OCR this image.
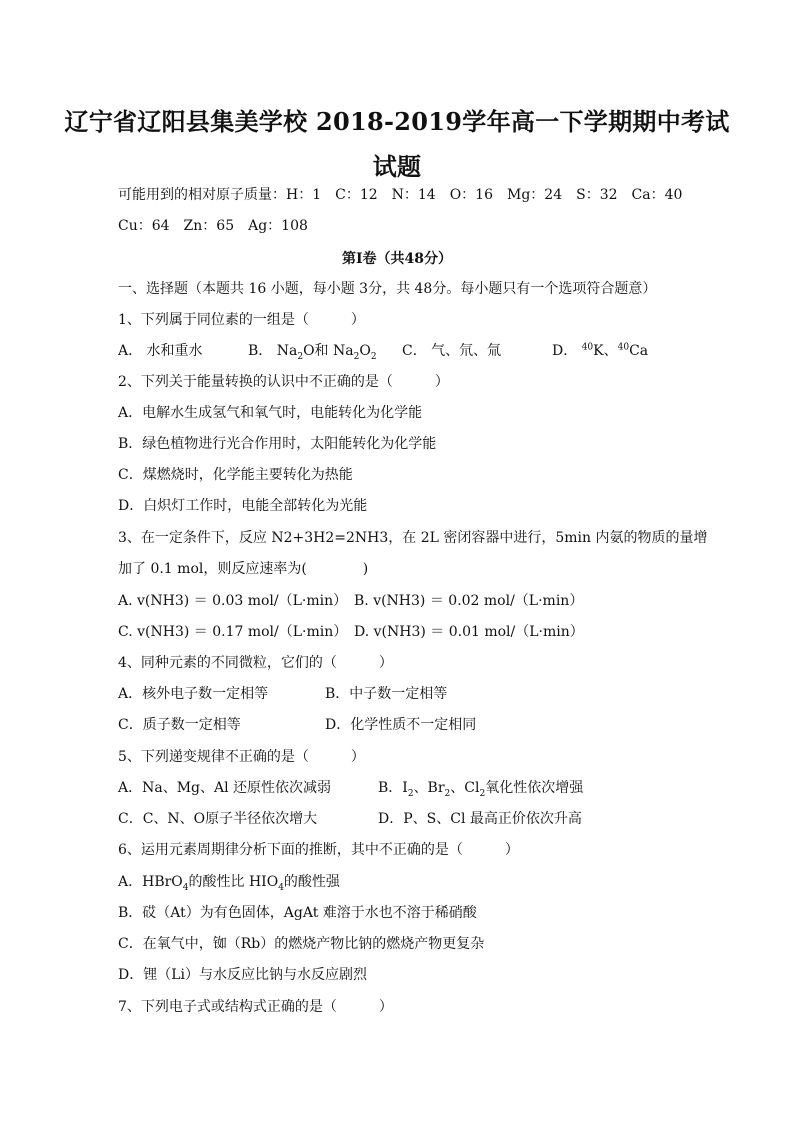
辽宁省辽阳县集美学校 2018-2019学年高一下学期期中考试
试题
可能用到的相对原子质量：H：1　C：12　N：14　O：16　Mg：24　S：32　Ca：40
Cu：64　Zn：65　Ag：108
第Ⅰ卷（共48分）
一、选择题（本题共 16 小题，每小题 3分，共 48分。每小题只有一个选项符合题意）
1、下列属于同位素的一组是（　　　）
A． 水和重水	B． $Na_2O$和 $Na_2O_2$ C． 气、氘、氚	D． $^{40}$K、$^{40}$Ca
2、下列关于能量转换的认识中不正确的是（　　　）
A．电解水生成氢气和氧气时，电能转化为化学能
B．绿色植物进行光合作用时，太阳能转化为化学能
C．煤燃烧时，化学能主要转化为热能
D．白炽灯工作时，电能全部转化为光能
3、在一定条件下，反应 N2+3H2=2NH3，在 2L 密闭容器中进行，5min 内氨的物质的量增
加了 0.1 mol，则反应速率为(　　　　)
A. v(NH3) ＝ 0.03 mol/（L·min） B. v(NH3) ＝ 0.02 mol/（L·min）
C. v(NH3) ＝ 0.17 mol/（L·min） D. v(NH3) ＝ 0.01 mol/（L·min）
4、同种元素的不同微粒，它们的（　　　）
A．核外电子数一定相等	B．中子数一定相等
C．质子数一定相等	D．化学性质不一定相同
5、下列递变规律不正确的是（　　　）
A．Na、Mg、Al 还原性依次减弱	B．$I_2$、$Br_2$、$Cl_2$氧化性依次增强
C．C、N、O原子半径依次增大	D．P、S、Cl 最高正价依次升高
6、运用元素周期律分析下面的推断，其中不正确的是（　　　）
A．HBrO$_4$的酸性比 $HIO_4$的酸性强
B．砹（At）为有色固体，AgAt 难溶于水也不溶于稀硝酸
C．在氧气中，铷（Rb）的燃烧产物比钠的燃烧产物更复杂
D．锂（Li）与水反应比钠与水反应剧烈
7、下列电子式或结构式正确的是（　　　）
